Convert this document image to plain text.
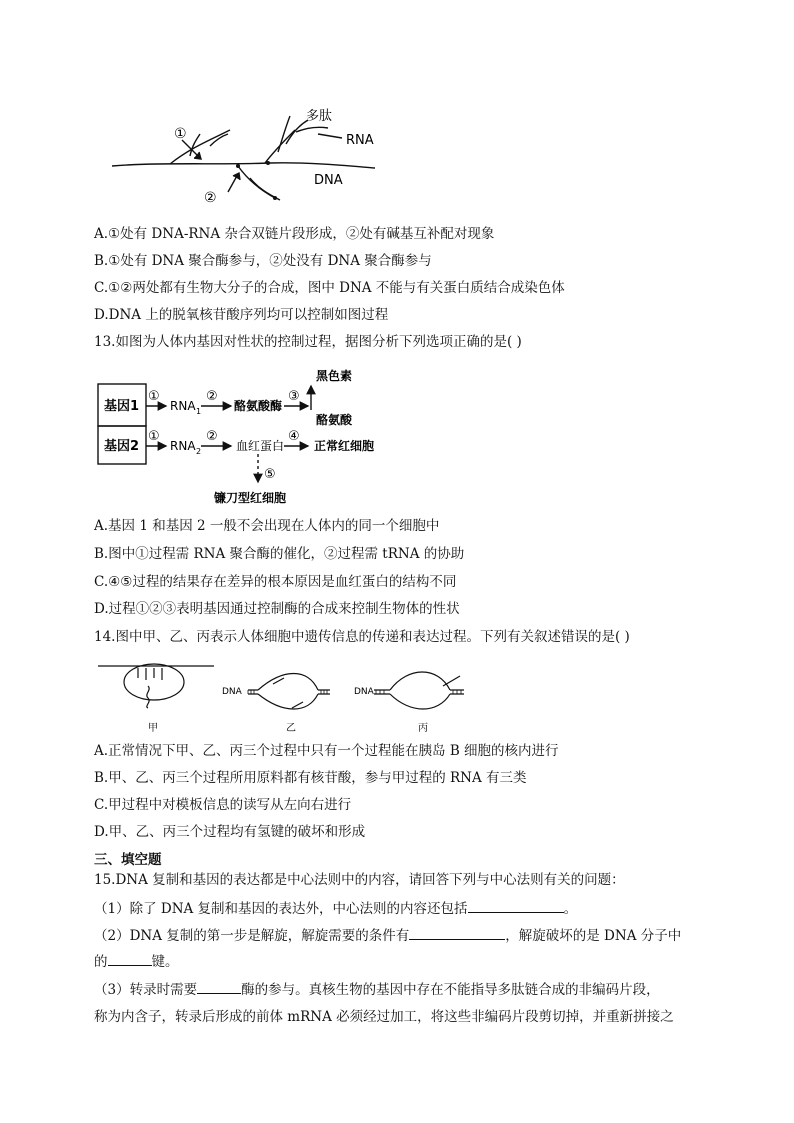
①
②
多肽
RNA
DNA
A.①处有 DNA-RNA 杂合双链片段形成，②处有碱基互补配对现象
B.①处有 DNA 聚合酶参与，②处没有 DNA 聚合酶参与
C.①②两处都有生物大分子的合成，图中 DNA 不能与有关蛋白质结合成染色体
D.DNA 上的脱氧核苷酸序列均可以控制如图过程
13.如图为人体内基因对性状的控制过程，据图分析下列选项正确的是( )
基因1
基因2
①
①
RNA 1
RNA 2
②
②
酪氨酸酶
血红蛋白
③
④
黑色素
酪氨酸
正常红细胞
⑤
镰刀型红细胞
A.基因 1 和基因 2 一般不会出现在人体内的同一个细胞中
B.图中①过程需 RNA 聚合酶的催化，②过程需 tRNA 的协助
C.④⑤过程的结果存在差异的根本原因是血红蛋白的结构不同
D.过程①②③表明基因通过控制酶的合成来控制生物体的性状
14.图中甲、乙、丙表示人体细胞中遗传信息的传递和表达过程。下列有关叙述错误的是( )
DNA	DNA
甲	乙	丙
A.正常情况下甲、乙、丙三个过程中只有一个过程能在胰岛 B 细胞的核内进行
B.甲、乙、丙三个过程所用原料都有核苷酸，参与甲过程的 RNA 有三类
C.甲过程中对模板信息的读写从左向右进行
D.甲、乙、丙三个过程均有氢键的破坏和形成
三、填空题
15.DNA 复制和基因的表达都是中心法则中的内容，请回答下列与中心法则有关的问题：
（1）除了 DNA 复制和基因的表达外，中心法则的内容还包括	。
（2）DNA 复制的第一步是解旋，解旋需要的条件有	，解旋破坏的是 DNA 分子中
的	键。
（3）转录时需要	酶的参与。真核生物的基因中存在不能指导多肽链合成的非编码片段，
称为内含子，转录后形成的前体 mRNA 必须经过加工，将这些非编码片段剪切掉，并重新拼接之
